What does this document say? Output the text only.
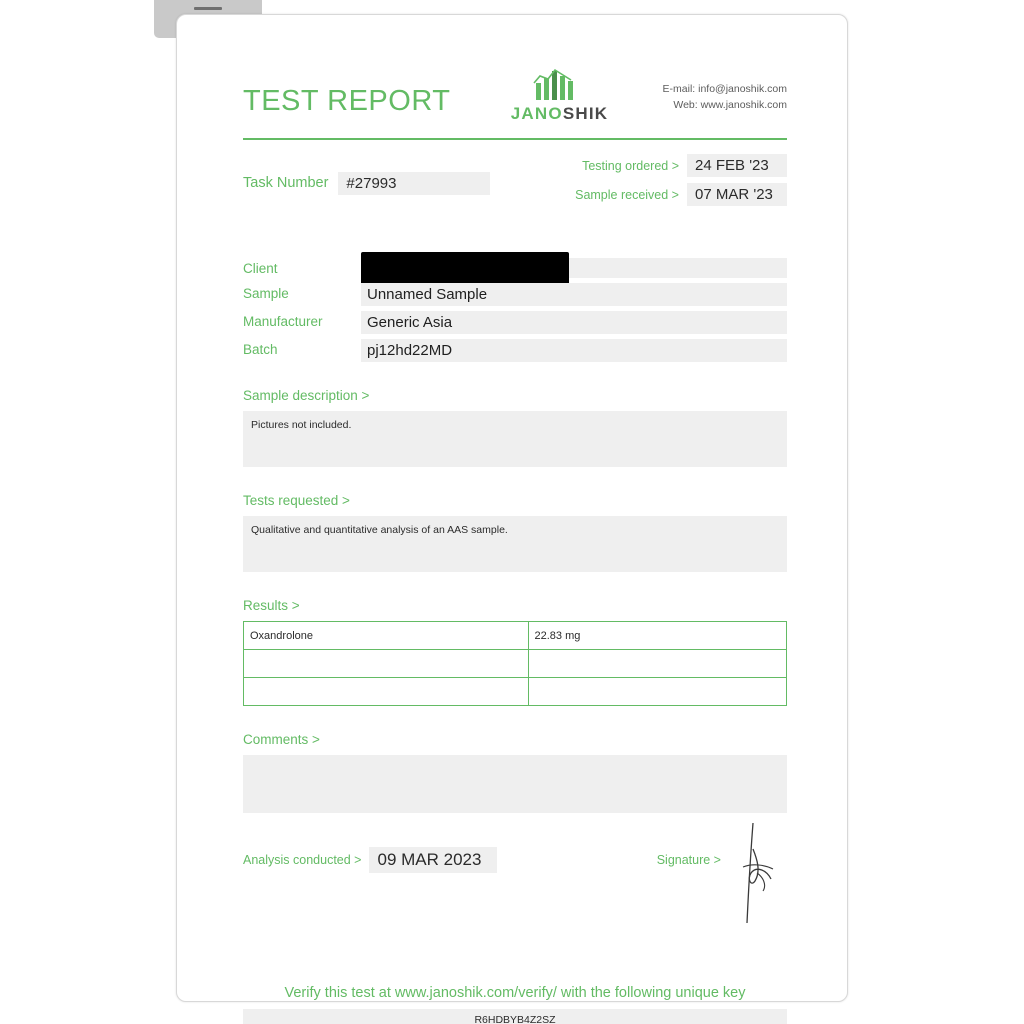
TEST REPORT	JANOSHIK
E-mail: info@janoshik.com
Web: www.janoshik.com
Task Number	#27993
Testing ordered >	24 FEB '23
Sample received >	07 MAR '23
Client
Sample	Unnamed Sample
Manufacturer	Generic Asia
Batch	pj12hd22MD
Sample description >
Pictures not included.
Tests requested >
Qualitative and quantitative analysis of an AAS sample.
Results >
Oxandrolone	22.83 mg

Comments >
Analysis conducted > 09 MAR 2023	Signature >
Verify this test at www.janoshik.com/verify/ with the following unique key
R6HDBYB4Z2SZ
